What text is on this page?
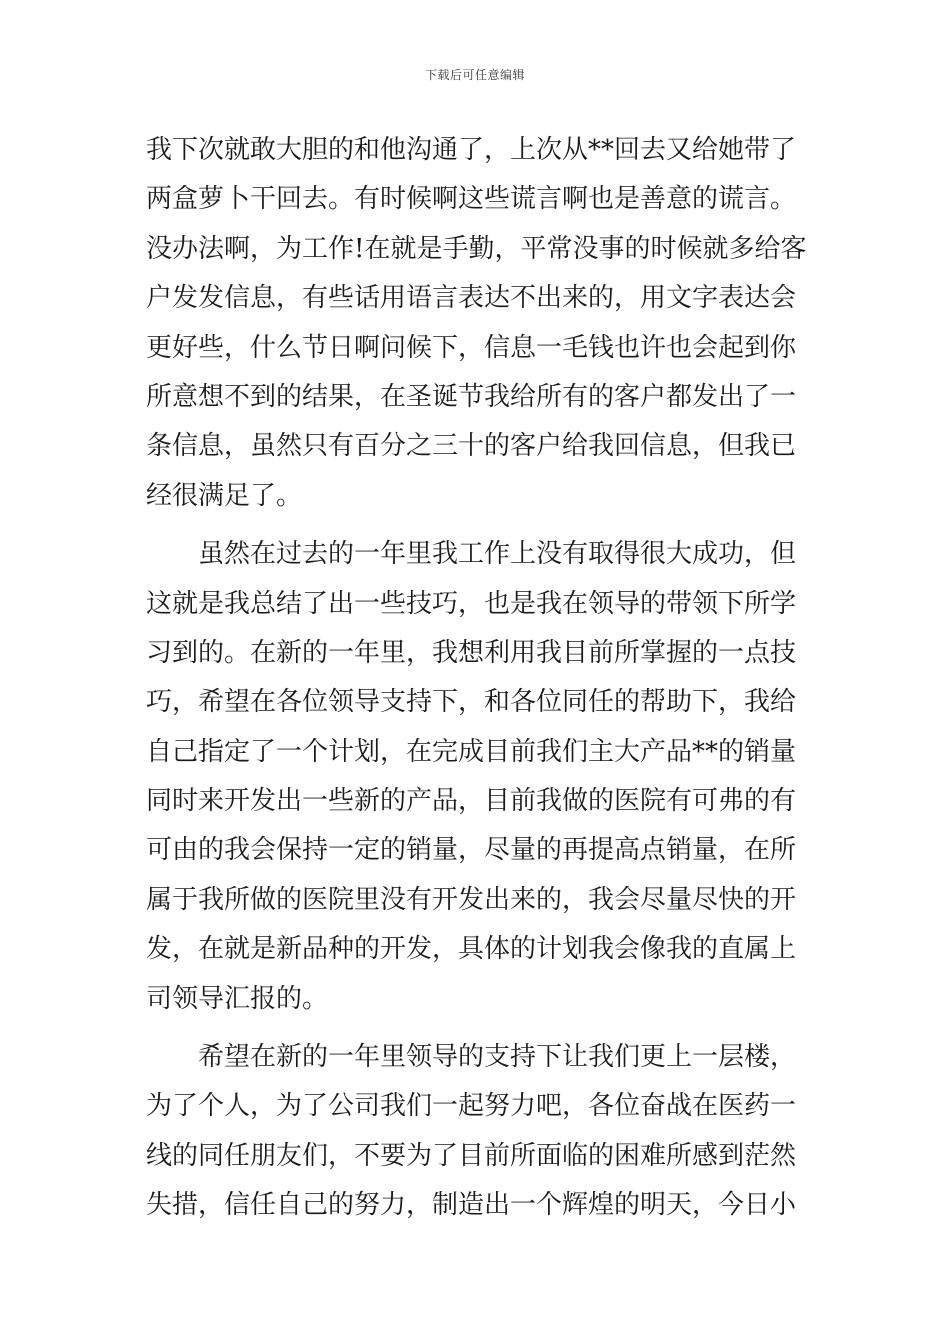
下载后可任意编辑
我下次就敢大胆的和他沟通了，上次从**回去又给她带了
两盒萝卜干回去。有时候啊这些谎言啊也是善意的谎言。
没办法啊，为工作!在就是手勤，平常没事的时候就多给客
户发发信息，有些话用语言表达不出来的，用文字表达会
更好些，什么节日啊问候下，信息一毛钱也许也会起到你
所意想不到的结果，在圣诞节我给所有的客户都发出了一
条信息，虽然只有百分之三十的客户给我回信息，但我已
经很满足了。
　　虽然在过去的一年里我工作上没有取得很大成功，但
这就是我总结了出一些技巧，也是我在领导的带领下所学
习到的。在新的一年里，我想利用我目前所掌握的一点技
巧，希望在各位领导支持下，和各位同任的帮助下，我给
自己指定了一个计划，在完成目前我们主大产品**的销量
同时来开发出一些新的产品，目前我做的医院有可弗的有
可由的我会保持一定的销量，尽量的再提高点销量，在所
属于我所做的医院里没有开发出来的，我会尽量尽快的开
发，在就是新品种的开发，具体的计划我会像我的直属上
司领导汇报的。
　　希望在新的一年里领导的支持下让我们更上一层楼，
为了个人，为了公司我们一起努力吧，各位奋战在医药一
线的同任朋友们，不要为了目前所面临的困难所感到茫然
失措，信任自己的努力，制造出一个辉煌的明天，今日小
